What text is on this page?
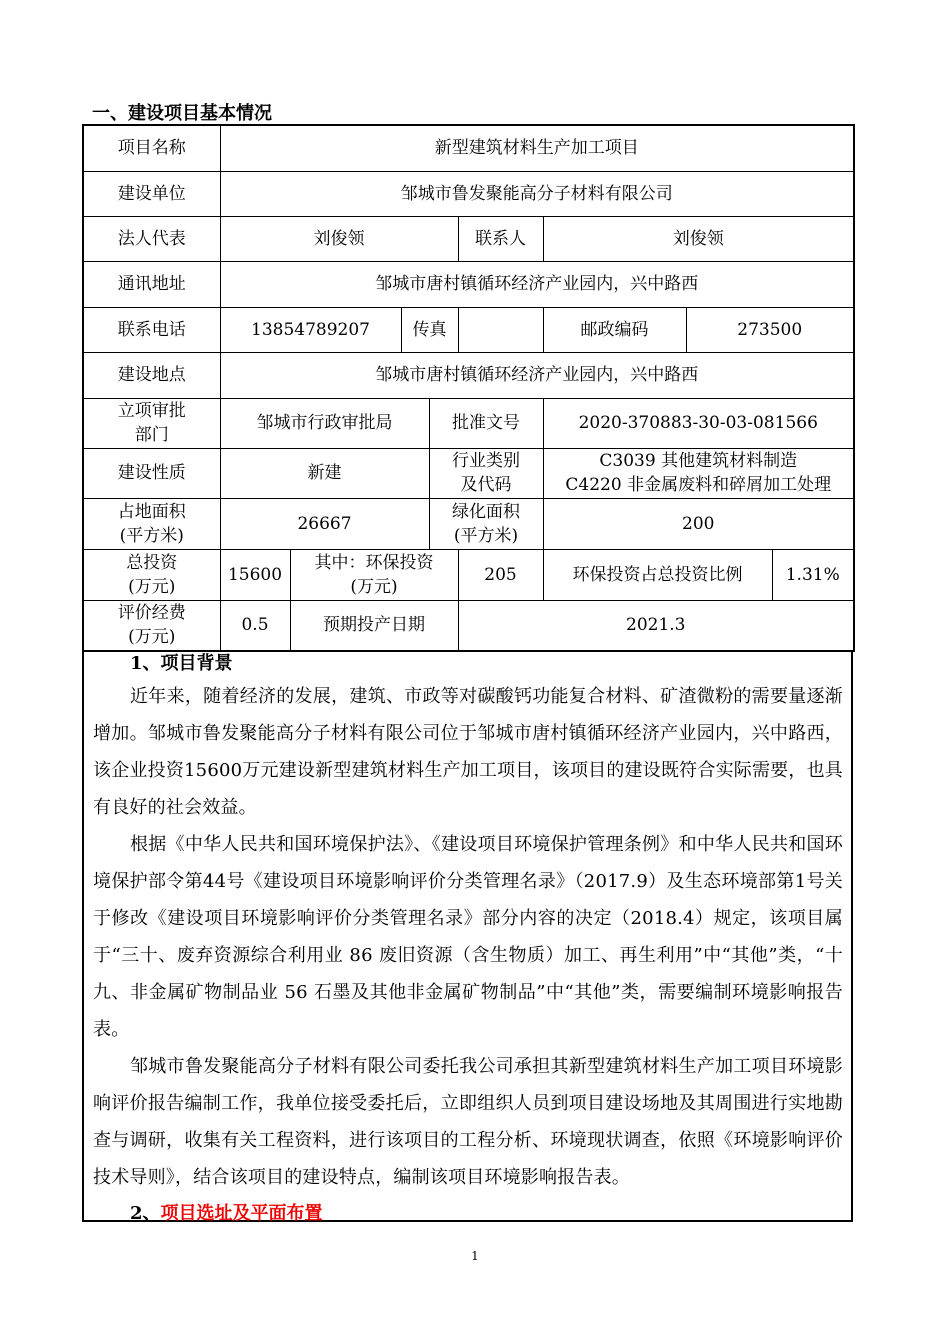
一、建设项目基本情况
项目名称	新型建筑材料生产加工项目							
建设单位	邹城市鲁发聚能高分子材料有限公司							
法人代表	刘俊领				联系人	刘俊领		
通讯地址	邹城市唐村镇循环经济产业园内，兴中路西							
联系电话	13854789207		传真			邮政编码	273500	
建设地点	邹城市唐村镇循环经济产业园内，兴中路西							
立项审批部门	邹城市行政审批局			批准文号		2020-370883-30-03-081566		
建设性质	新建			行业类别及代码		C3039 其他建筑材料制造
C4220 非金属废料和碎屑加工处理		

占地面积(平方米)	26667			绿化面积(平方米)		200		
总投资(万元)	15600	其中：环保投资(万元)			205	环保投资占总投资比例		1.31%
评价经费(万元)	0.5	预期投产日期			2021.3			
1、项目背景
近年来，随着经济的发展，建筑、市政等对碳酸钙功能复合材料、矿渣微粉的需要量逐渐增加。邹城市鲁发聚能高分子材料有限公司位于邹城市唐村镇循环经济产业园内，兴中路西，该企业投资15600万元建设新型建筑材料生产加工项目，该项目的建设既符合实际需要，也具有良好的社会效益。
根据《中华人民共和国环境保护法》、《建设项目环境保护管理条例》和中华人民共和国环境保护部令第44号《建设项目环境影响评价分类管理名录》（2017.9）及生态环境部第1号关于修改《建设项目环境影响评价分类管理名录》部分内容的决定（2018.4）规定，该项目属于“三十、废弃资源综合利用业 86 废旧资源（含生物质）加工、再生利用”中“其他”类，“十九、非金属矿物制品业 56 石墨及其他非金属矿物制品”中“其他”类，需要编制环境影响报告表。
邹城市鲁发聚能高分子材料有限公司委托我公司承担其新型建筑材料生产加工项目环境影响评价报告编制工作，我单位接受委托后，立即组织人员到项目建设场地及其周围进行实地勘查与调研，收集有关工程资料，进行该项目的工程分析、环境现状调查，依照《环境影响评价技术导则》，结合该项目的建设特点，编制该项目环境影响报告表。
2、项目选址及平面布置
1
